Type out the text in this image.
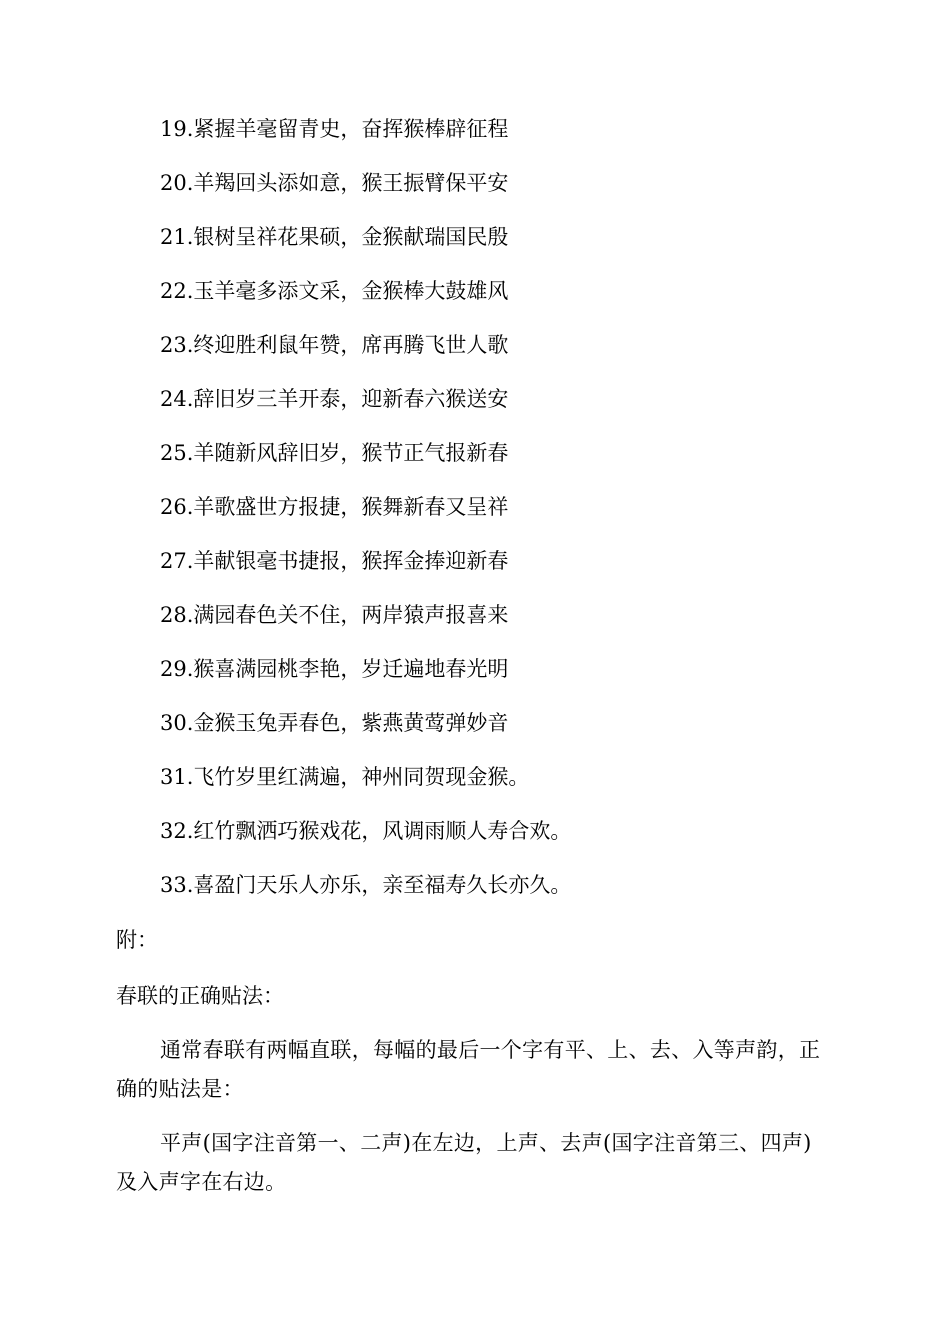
19.紧握羊毫留青史，奋挥猴棒辟征程
20.羊羯回头添如意，猴王振臂保平安
21.银树呈祥花果硕，金猴献瑞国民殷
22.玉羊毫多添文采，金猴棒大鼓雄风
23.终迎胜利鼠年赞，席再腾飞世人歌
24.辞旧岁三羊开泰，迎新春六猴送安
25.羊随新风辞旧岁，猴节正气报新春
26.羊歌盛世方报捷，猴舞新春又呈祥
27.羊献银毫书捷报，猴挥金捧迎新春
28.满园春色关不住，两岸猿声报喜来
29.猴喜满园桃李艳，岁迁遍地春光明
30.金猴玉兔弄春色，紫燕黄莺弹妙音
31.飞竹岁里红满遍，神州同贺现金猴。
32.红竹飘洒巧猴戏花，风调雨顺人寿合欢。
33.喜盈门天乐人亦乐，亲至福寿久长亦久。
附：
春联的正确贴法：
通常春联有两幅直联，每幅的最后一个字有平、上、去、入等声韵，正确的贴法是：
平声(国字注音第一、二声)在左边，上声、去声(国字注音第三、四声)及入声字在右边。
